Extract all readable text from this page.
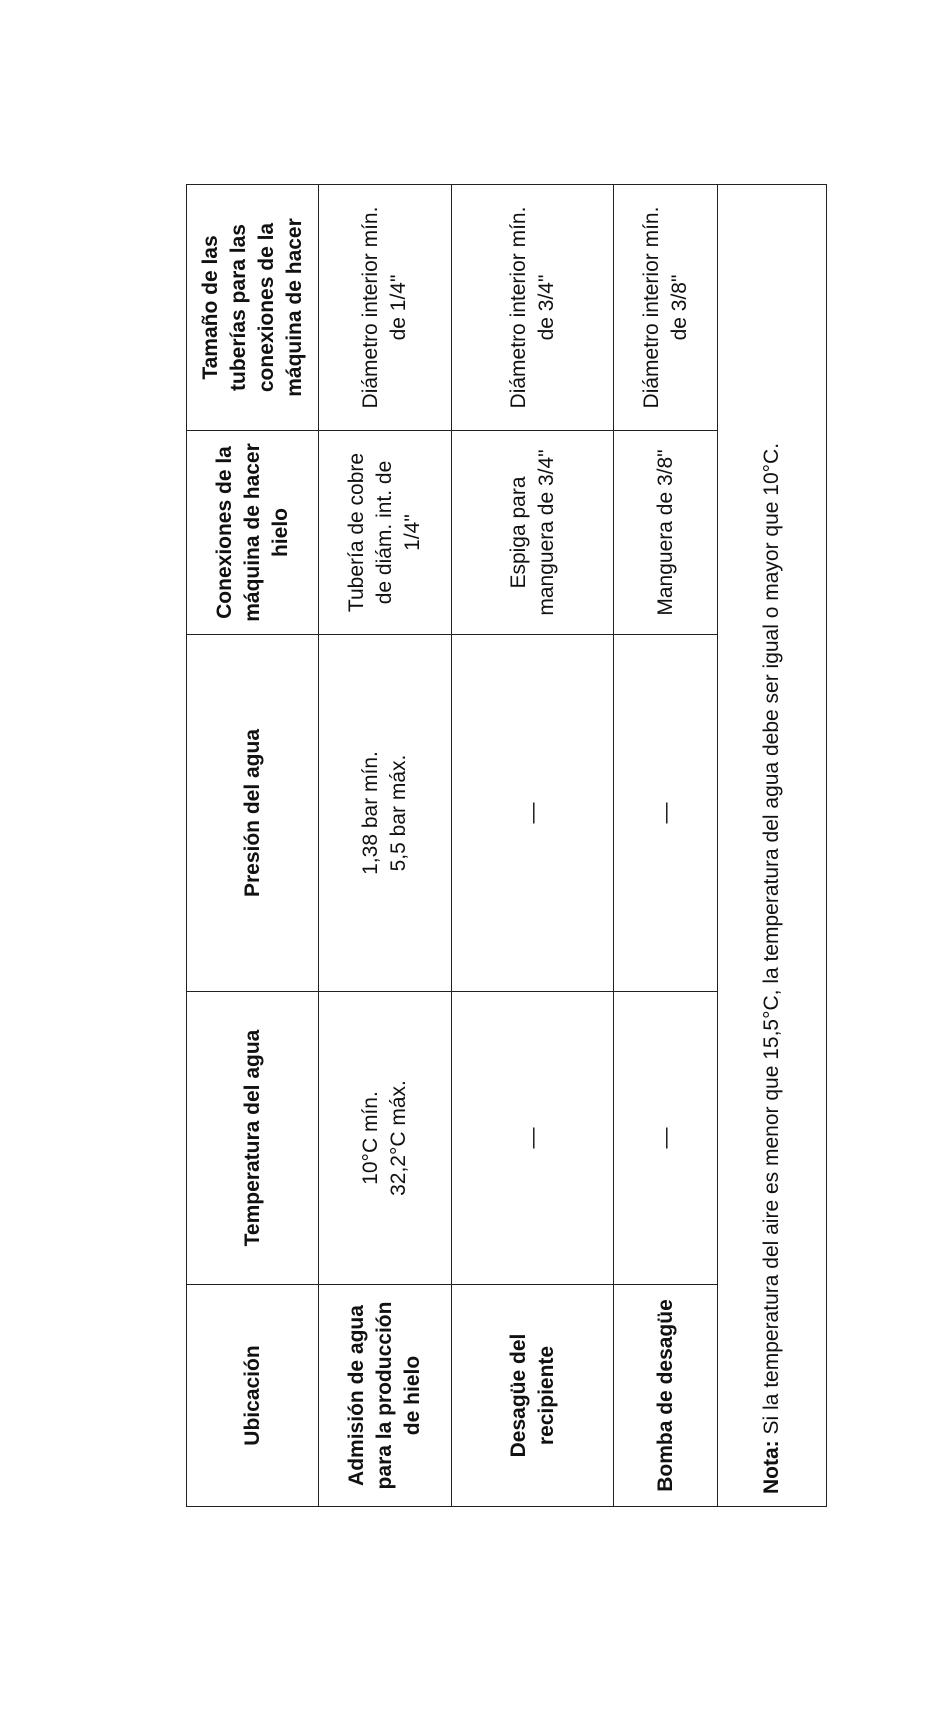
Ubicación	Temperatura del agua	Presión del agua	Conexiones de la máquina de hacer hielo	Tamaño de las tuberías para las conexiones de la máquina de hacer
Admisión de agua para la producción de hielo	10°C mín. 32,2°C máx.	1,38 bar mín. 5,5 bar máx.	Tubería de cobre de diám. int. de 1/4"	Diámetro interior mín. de 1/4"
Desagüe del recipiente	—	—	Espiga para manguera de 3/4"	Diámetro interior mín. de 3/4"
Bomba de desagüe	—	—	Manguera de 3/8"	Diámetro interior mín. de 3/8"
Nota: Si la temperatura del aire es menor que 15,5°C, la temperatura del agua debe ser igual o mayor que 10°C.				
